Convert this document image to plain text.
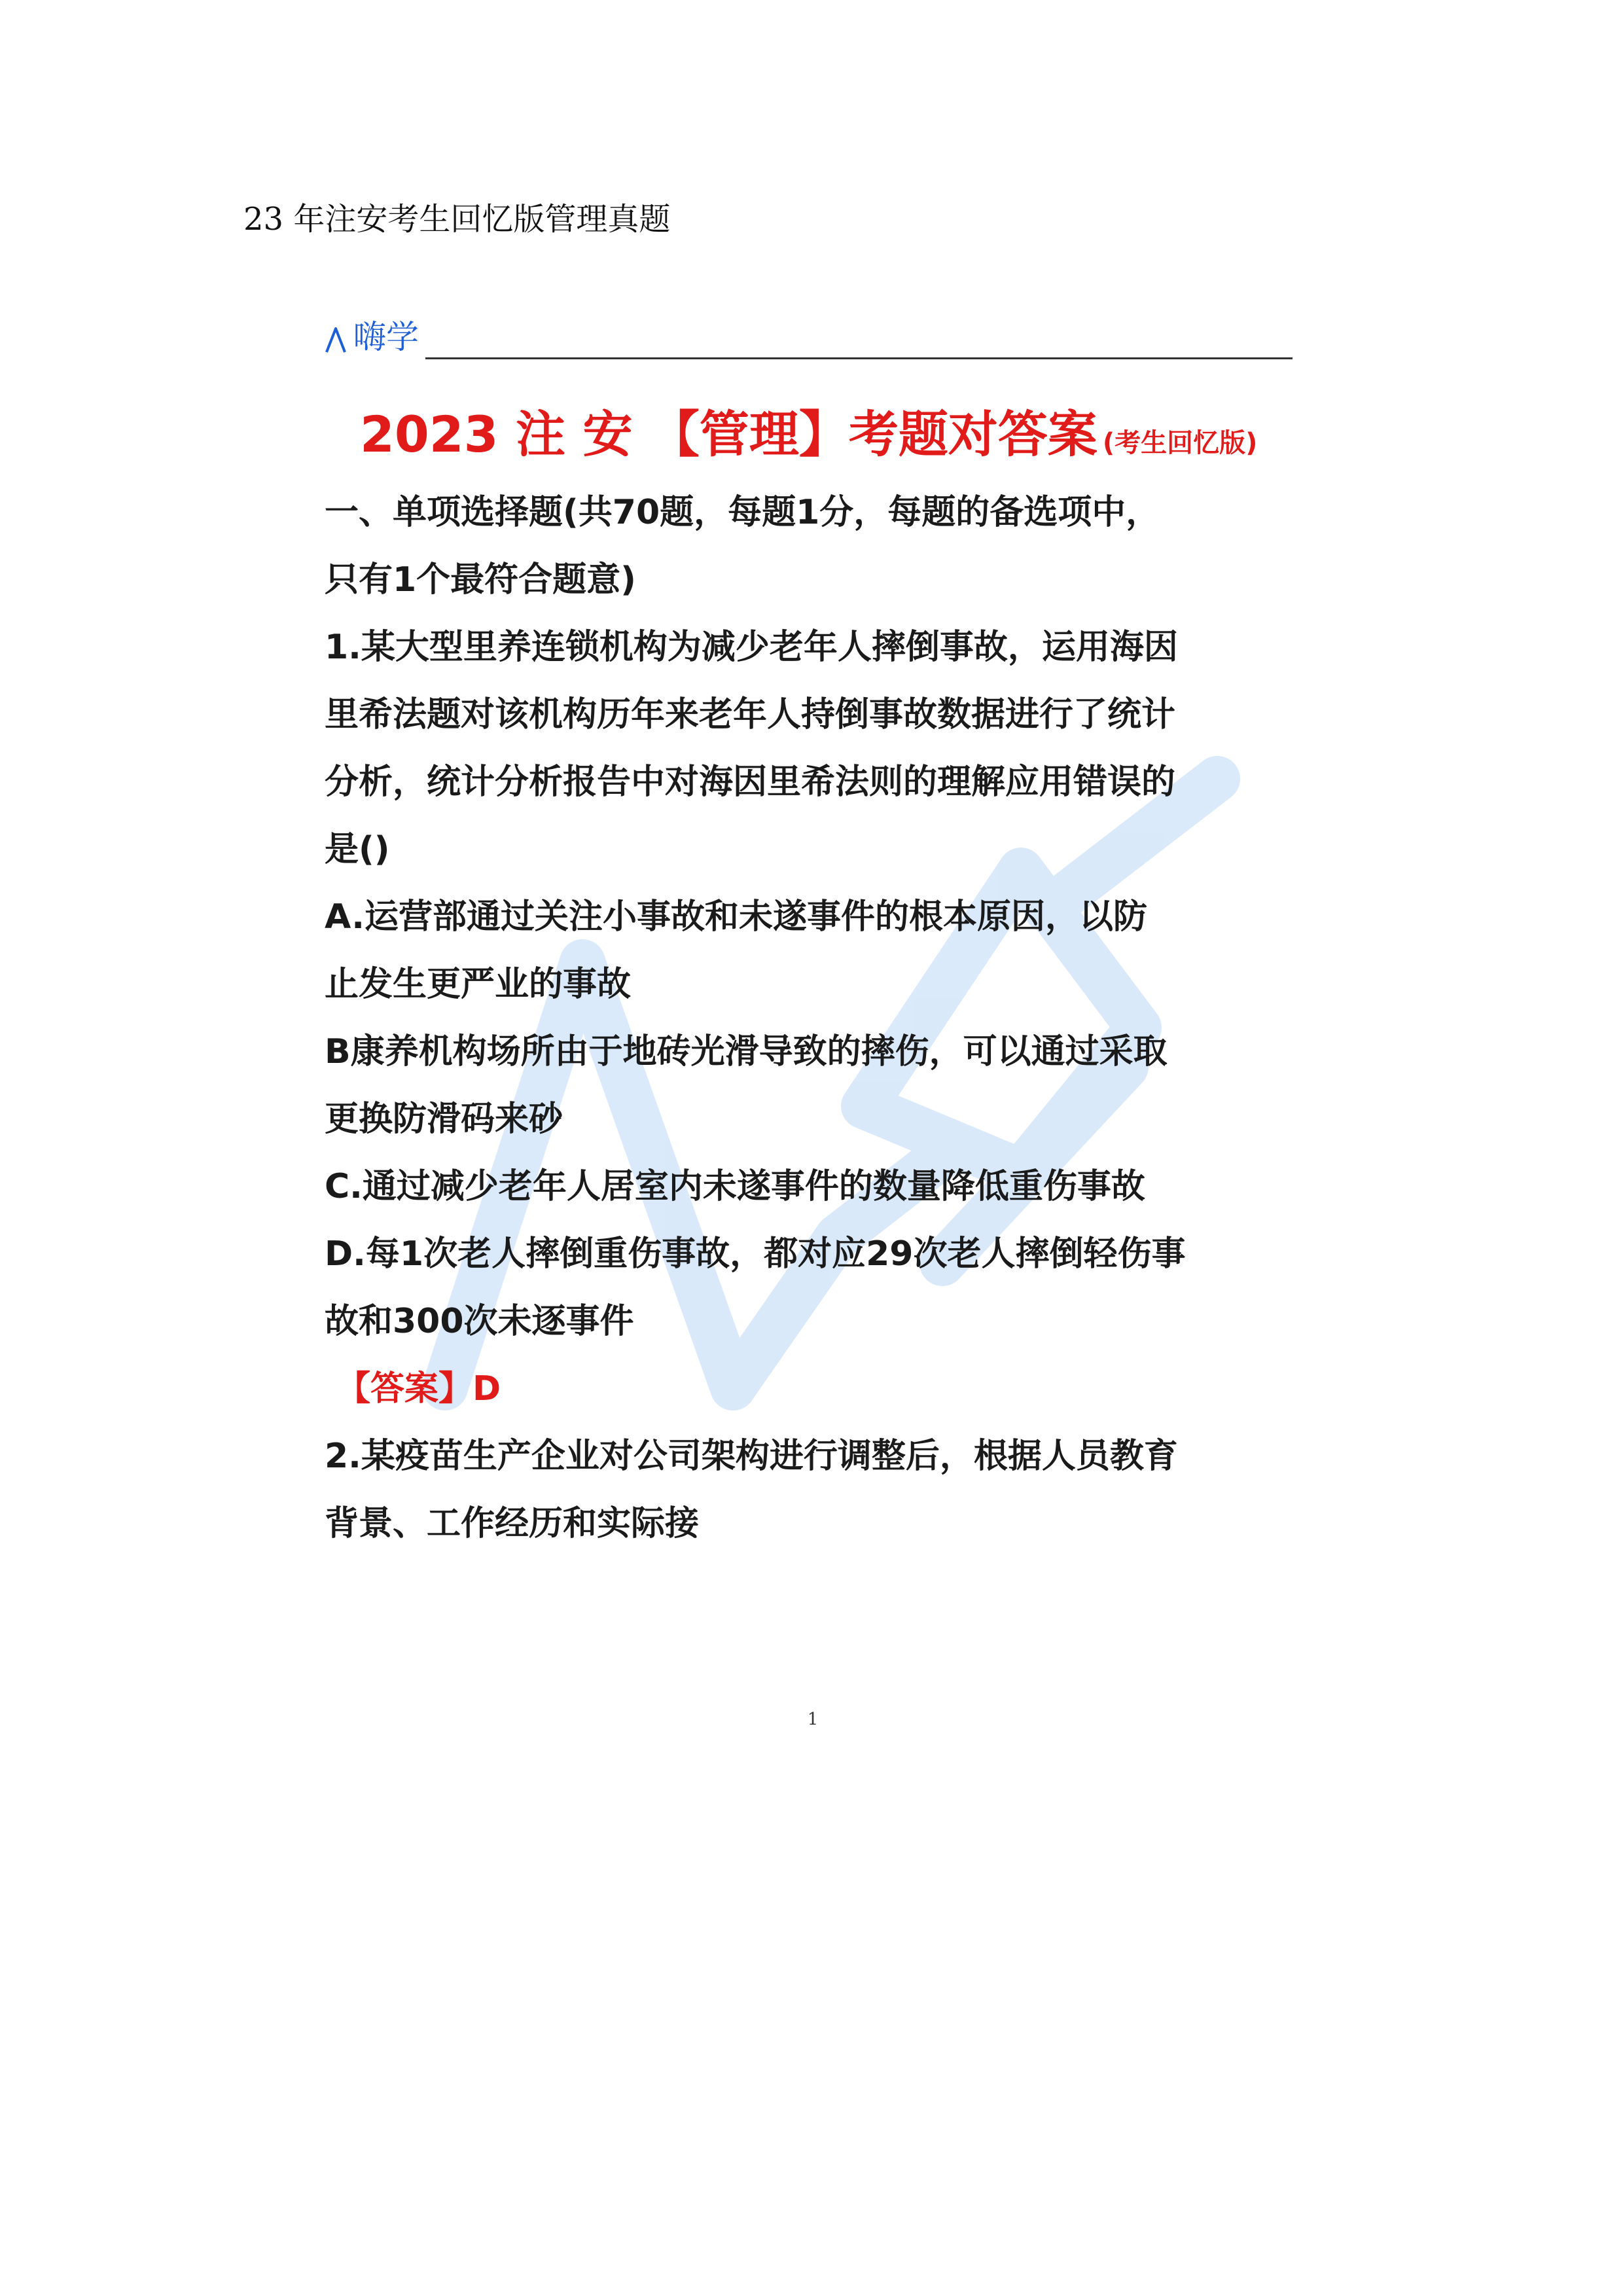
23 年注安考生回忆版管理真题
嗨学
2023 注 安 【管理】考题对答案 (考生回忆版)

一、单项选择题(共70题，每题1分，每题的备选项中，

只有1个最符合题意)

1.某大型里养连锁机构为减少老年人摔倒事故，运用海因

里希法题对该机构历年来老年人持倒事故数据进行了统计

分析，统计分析报告中对海因里希法则的理解应用错误的

是()

A.运营部通过关注小事故和未遂事件的根本原因，以防

止发生更严业的事故

B康养机构场所由于地砖光滑导致的摔伤，可以通过采取

更换防滑码来砂

C.通过减少老年人居室内未遂事件的数量降低重伤事故

D.每1次老人摔倒重伤事故，都对应29次老人摔倒轻伤事

故和300次未逐事件

【答案】D

2.某疫苗生产企业对公司架构进行调整后，根据人员教育

背景、工作经历和实际接

1
